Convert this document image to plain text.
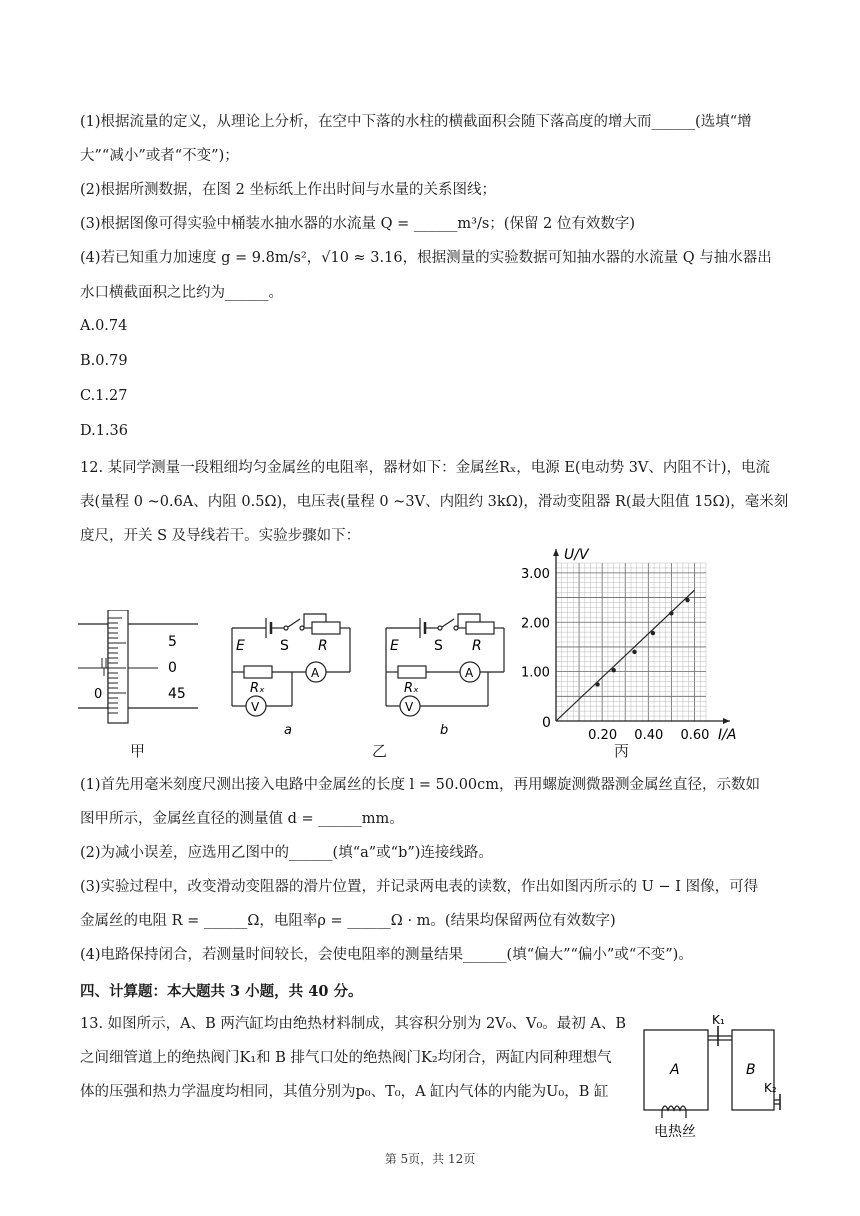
(1)根据流量的定义，从理论上分析，在空中下落的水柱的横截面积会随下落高度的增大而______(选填“增
大”“减小”或者“不变”)；
(2)根据所测数据，在图 2 坐标纸上作出时间与水量的关系图线；
(3)根据图像可得实验中桶装水抽水器的水流量 Q = ______m³/s；(保留 2 位有效数字)
(4)若已知重力加速度 g = 9.8m/s²，√10 ≈ 3.16，根据测量的实验数据可知抽水器的水流量 Q 与抽水器出
水口横截面积之比约为______。
A.0.74
B.0.79
C.1.27
D.1.36
12. 某同学测量一段粗细均匀金属丝的电阻率，器材如下：金属丝Rₓ，电源 E(电动势 3V、内阻不计)，电流
表(量程 0 ~0.6A、内阻 0.5Ω)，电压表(量程 0 ~3V、内阻约 3kΩ)，滑动变阻器 R(最大阻值 15Ω)，毫米刻
度尺，开关 S 及导线若干。实验步骤如下：
5
0
45
0
甲
E	S R
Rₓ
A
V
a
E	S R
Rₓ
A
V
b
乙
0.20 0.40 0.60
1.00
2.00
3.00
U/V
I/A
0
丙
(1)首先用毫米刻度尺测出接入电路中金属丝的长度 l = 50.00cm，再用螺旋测微器测金属丝直径，示数如
图甲所示，金属丝直径的测量值 d = ______mm。
(2)为减小误差，应选用乙图中的______(填“a”或“b”)连接线路。
(3)实验过程中，改变滑动变阻器的滑片位置，并记录两电表的读数，作出如图丙所示的 U − I 图像，可得
金属丝的电阻 R = ______Ω，电阻率ρ = ______Ω · m。(结果均保留两位有效数字)
(4)电路保持闭合，若测量时间较长，会使电阻率的测量结果______(填“偏大”“偏小”或“不变”)。
四、计算题：本大题共 3 小题，共 40 分。
13. 如图所示，A、B 两汽缸均由绝热材料制成，其容积分别为 2V₀、V₀。最初 A、B
之间细管道上的绝热阀门K₁和 B 排气口处的绝热阀门K₂均闭合，两缸内同种理想气
体的压强和热力学温度均相同，其值分别为p₀、T₀，A 缸内气体的内能为U₀，B 缸
A	B
K₁
K₂
电热丝
第 5页，共 12页
